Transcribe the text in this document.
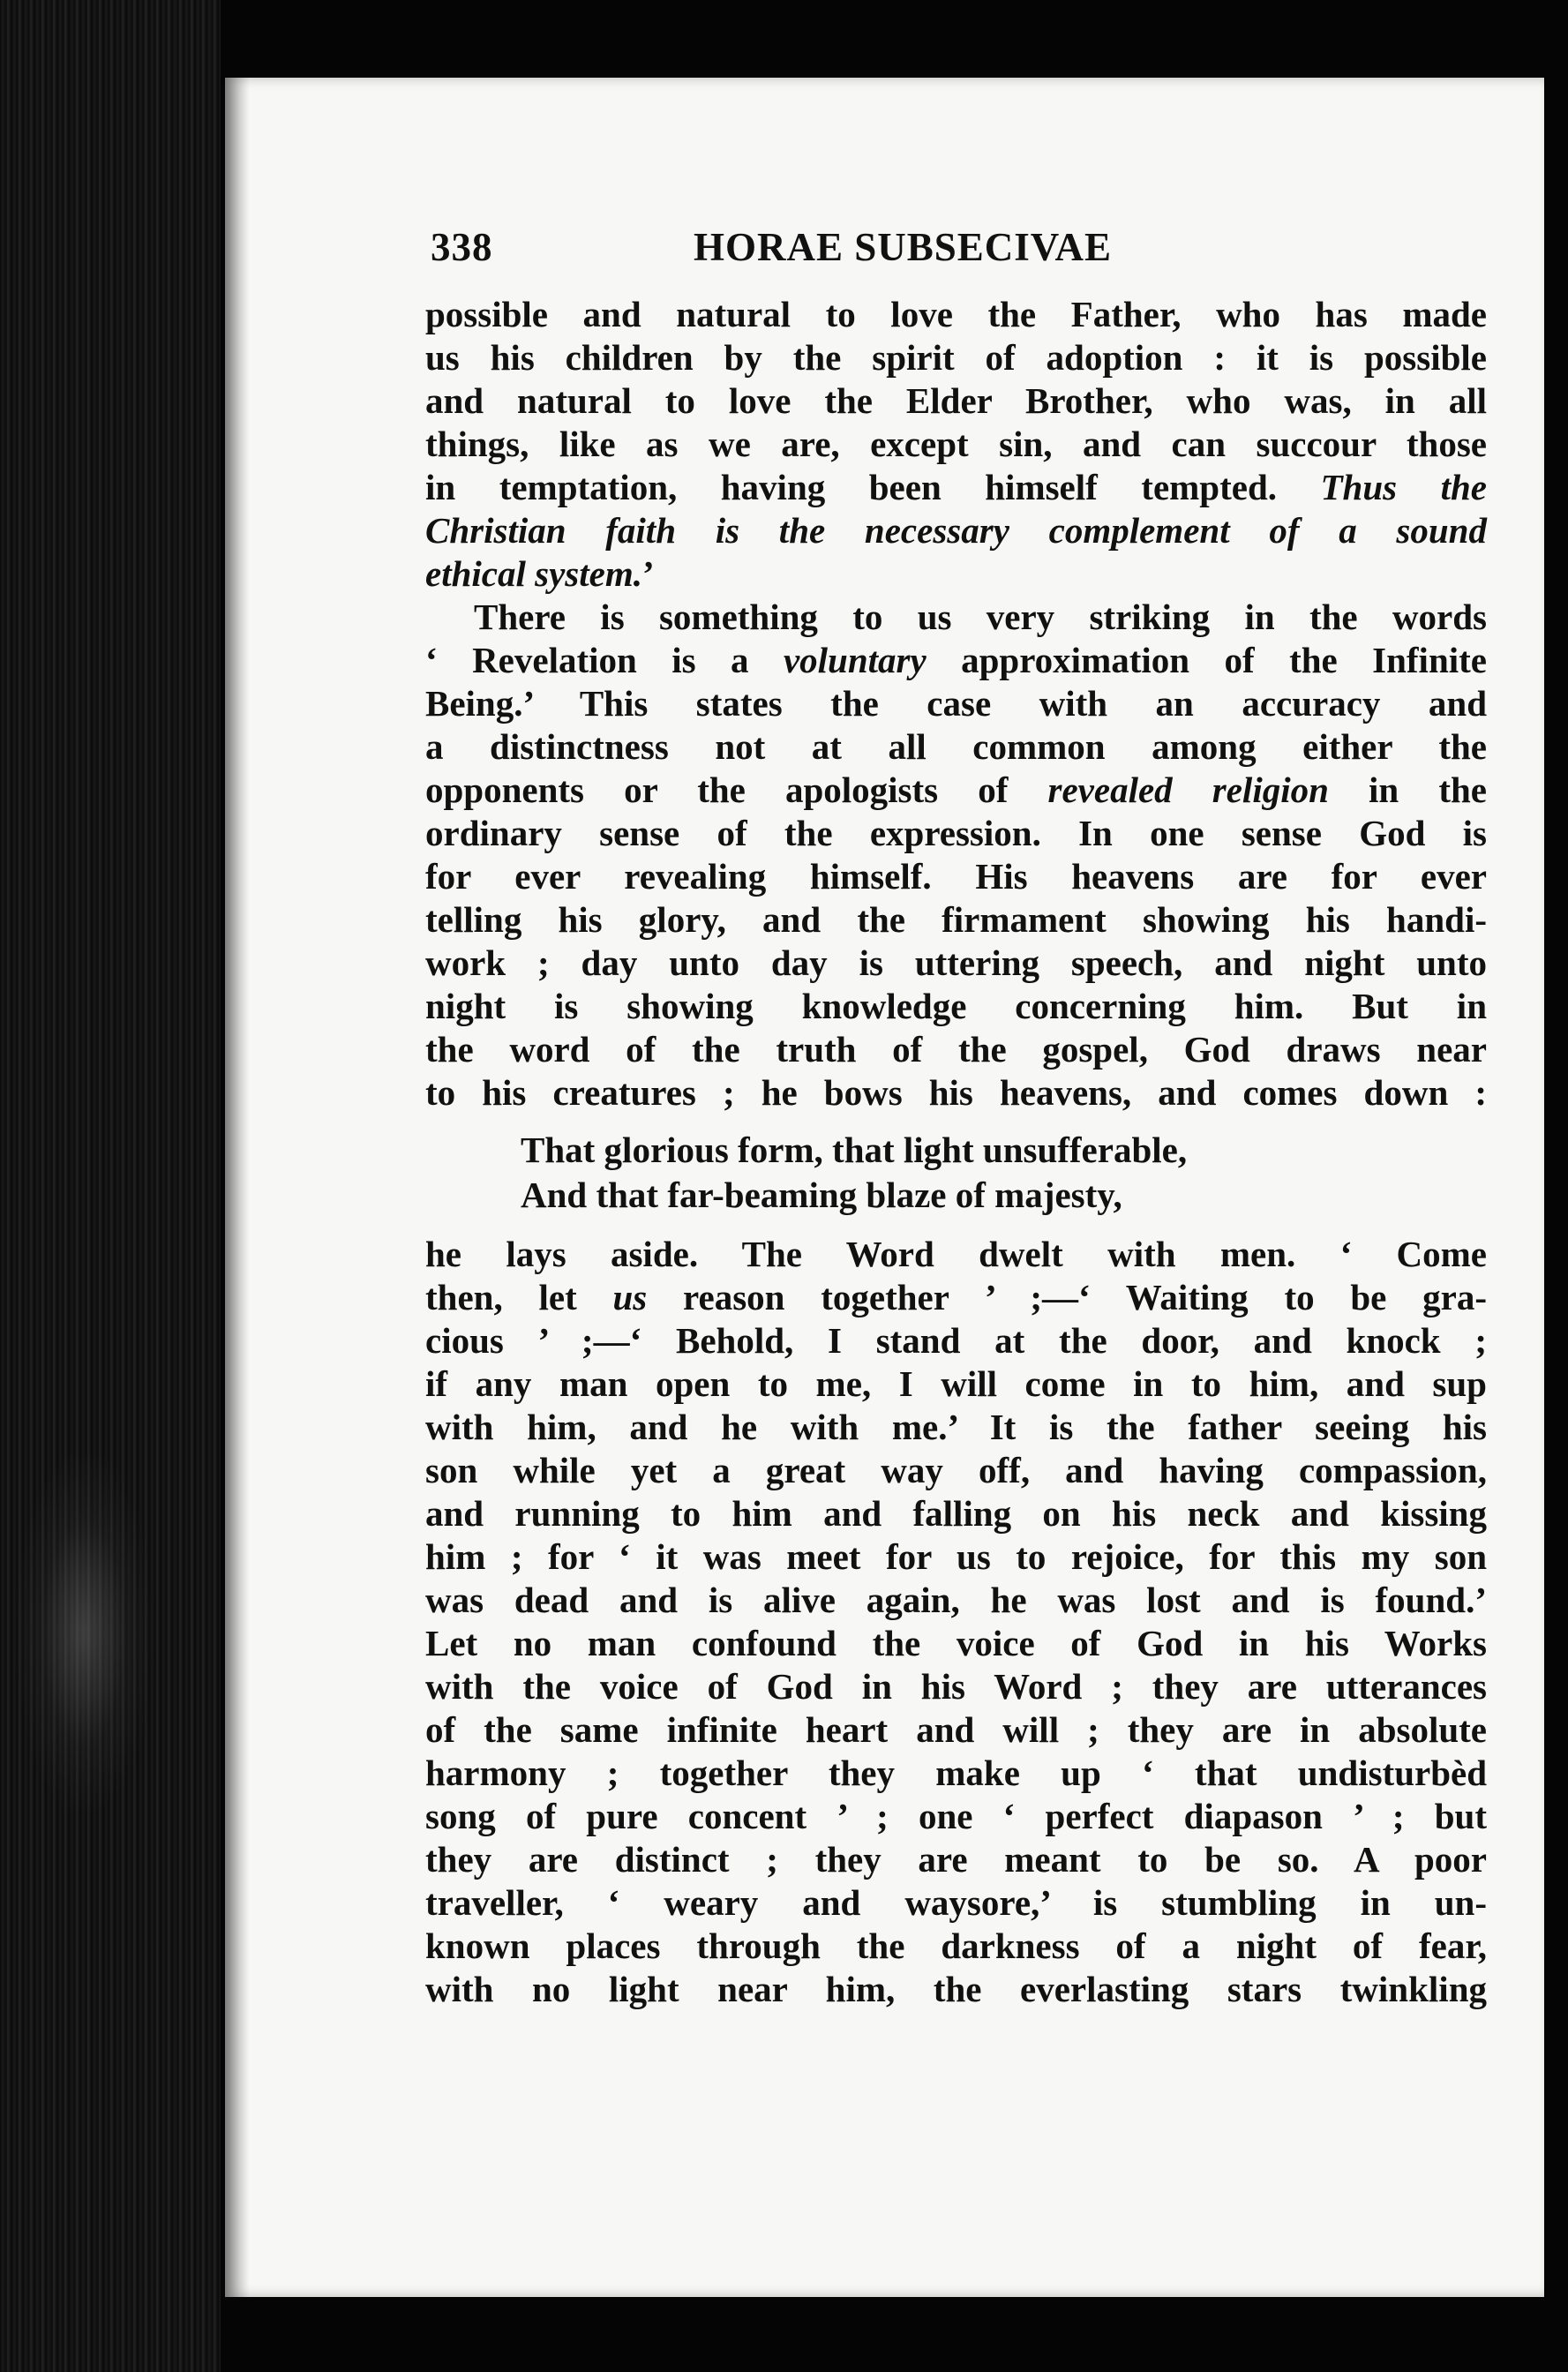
338	HORAE SUBSECIVAE
possible and natural to love the Father, who has made
us his children by the spirit of adoption : it is possible
and natural to love the Elder Brother, who was, in all
things, like as we are, except sin, and can succour those
in temptation, having been himself tempted. Thus the
Christian faith is the necessary complement of a sound
ethical system.’
There is something to us very striking in the words
‘ Revelation is a voluntary approximation of the Infinite
Being.’ This states the case with an accuracy and
a distinctness not at all common among either the
opponents or the apologists of revealed religion in the
ordinary sense of the expression. In one sense God is
for ever revealing himself. His heavens are for ever
telling his glory, and the firmament showing his handi-
work ; day unto day is uttering speech, and night unto
night is showing knowledge concerning him. But in
the word of the truth of the gospel, God draws near
to his creatures ; he bows his heavens, and comes down :
That glorious form, that light unsufferable,
And that far-beaming blaze of majesty,
he lays aside. The Word dwelt with men. ‘ Come
then, let us reason together ’ ;—‘ Waiting to be gra-
cious ’ ;—‘ Behold, I stand at the door, and knock ;
if any man open to me, I will come in to him, and sup
with him, and he with me.’ It is the father seeing his
son while yet a great way off, and having compassion,
and running to him and falling on his neck and kissing
him ; for ‘ it was meet for us to rejoice, for this my son
was dead and is alive again, he was lost and is found.’
Let no man confound the voice of God in his Works
with the voice of God in his Word ; they are utterances
of the same infinite heart and will ; they are in absolute
harmony ; together they make up ‘ that undisturbèd
song of pure concent ’ ; one ‘ perfect diapason ’ ; but
they are distinct ; they are meant to be so. A poor
traveller, ‘ weary and waysore,’ is stumbling in un-
known places through the darkness of a night of fear,
with no light near him, the everlasting stars twinkling
